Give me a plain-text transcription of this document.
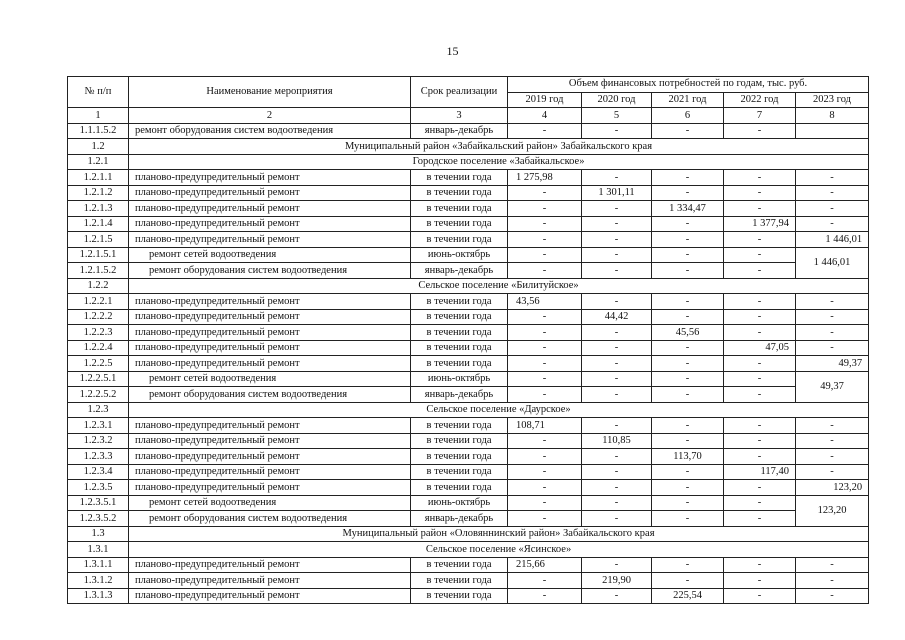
15
№ п/п	Наименование мероприятия	Срок реализации	Объем финансовых потребностей по годам, тыс. руб.				
			2019 год	2020 год	2021 год	2022 год	2023 год
1	2	3	4	5	6	7	8
1.1.1.5.2	ремонт оборудования систем водоотведения	январь-декабрь	-	-	-	-	
1.2	Муниципальный район «Забайкальский район» Забайкальского края						
1.2.1	Городское поселение «Забайкальское»						
1.2.1.1	планово-предупредительный ремонт	в течении года	1 275,98	-	-	-	-
1.2.1.2	планово-предупредительный ремонт	в течении года	-	1 301,11	-	-	-
1.2.1.3	планово-предупредительный ремонт	в течении года	-	-	1 334,47	-	-
1.2.1.4	планово-предупредительный ремонт	в течении года	-	-	-	1 377,94	-
1.2.1.5	планово-предупредительный ремонт	в течении года	-	-	-	-	1 446,01
1.2.1.5.1	ремонт сетей водоотведения	июнь-октябрь	-	-	-	-	1 446,01
1.2.1.5.2	ремонт оборудования систем водоотведения	январь-декабрь	-	-	-	-	
1.2.2	Сельское поселение «Билитуйское»						
1.2.2.1	планово-предупредительный ремонт	в течении года	43,56	-	-	-	-
1.2.2.2	планово-предупредительный ремонт	в течении года	-	44,42	-	-	-
1.2.2.3	планово-предупредительный ремонт	в течении года	-	-	45,56	-	-
1.2.2.4	планово-предупредительный ремонт	в течении года	-	-	-	47,05	-
1.2.2.5	планово-предупредительный ремонт	в течении года	-	-	-	-	49,37
1.2.2.5.1	ремонт сетей водоотведения	июнь-октябрь	-	-	-	-	49,37
1.2.2.5.2	ремонт оборудования систем водоотведения	январь-декабрь	-	-	-	-	
1.2.3	Сельское поселение «Даурское»						
1.2.3.1	планово-предупредительный ремонт	в течении года	108,71	-	-	-	-
1.2.3.2	планово-предупредительный ремонт	в течении года	-	110,85	-	-	-
1.2.3.3	планово-предупредительный ремонт	в течении года	-	-	113,70	-	-
1.2.3.4	планово-предупредительный ремонт	в течении года	-	-	-	117,40	-
1.2.3.5	планово-предупредительный ремонт	в течении года	-	-	-	-	123,20
1.2.3.5.1	ремонт сетей водоотведения	июнь-октябрь	-	-	-	-	123,20
1.2.3.5.2	ремонт оборудования систем водоотведения	январь-декабрь	-	-	-	-	
1.3	Муниципальный район «Оловяннинский район» Забайкальского края						
1.3.1	Сельское поселение «Ясинское»						
1.3.1.1	планово-предупредительный ремонт	в течении года	215,66	-	-	-	-
1.3.1.2	планово-предупредительный ремонт	в течении года	-	219,90	-	-	-
1.3.1.3	планово-предупредительный ремонт	в течении года	-	-	225,54	-	-
